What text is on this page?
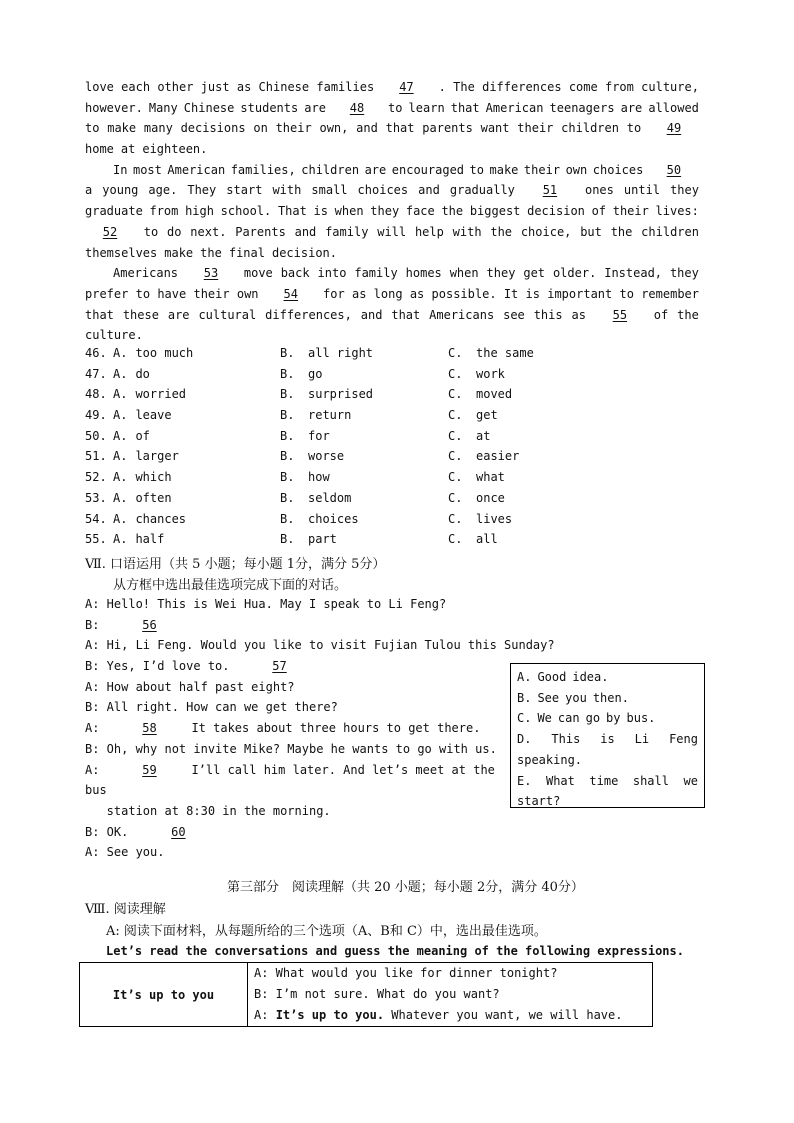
love each other just as Chinese families	47	. The differences come from culture,
however. Many Chinese students are	48	to learn that American teenagers are allowed
to make many decisions on their own, and that parents want their children to	49
home at eighteen.
In most American families, children are encouraged to make their own choices	50
a young age. They start with small choices and gradually	51	ones until they
graduate from high school. That is when they face the biggest decision of their lives:
52	to do next. Parents and family will help with the choice, but the children
themselves make the final decision.
Americans	53	move back into family homes when they get older. Instead, they
prefer to have their own	54	for as long as possible. It is important to remember
that these are cultural differences, and that Americans see this as	55	of the
culture.
46. A. too much	B. all right	C. the same
47. A. do	B. go	C. work
48. A. worried	B. surprised	C. moved
49. A. leave	B. return	C. get
50. A. of	B. for	C. at
51. A. larger	B. worse	C. easier
52. A. which	B. how	C. what
53. A. often	B. seldom	C. once
54. A. chances	B. choices	C. lives
55. A. half	B. part	C. all
Ⅶ. 口语运用（共 5 小题；每小题 1分，满分 5分）
从方框中选出最佳选项完成下面的对话。
A: Hello! This is Wei Hua. May I speak to Li Feng?
B:	56
A: Hi, Li Feng. Would you like to visit Fujian Tulou this Sunday?
B: Yes, I’d love to.	57
A: How about half past eight?
B: All right. How can we get there?
A:	58	It takes about three hours to get there.
B: Oh, why not invite Mike? Maybe he wants to go with us.
A:	59	I’ll call him later. And let’s meet at the
bus
station at 8:30 in the morning.
B: OK.	60
A: See you.
A. Good idea.
B. See you then.
C. We can go by bus.
D. This is Li Feng
speaking.
E. What time shall we
start?
第三部分　阅读理解（共 20 小题；每小题 2分，满分 40分）
Ⅷ. 阅读理解
A: 阅读下面材料，从每题所给的三个选项（A、B和 C）中，选出最佳选项。
Let’s read the conversations and guess the meaning of the following expressions.
It’s up to you	
A: What would you like for dinner tonight?
B: I’m not sure. What do you want?
A: It’s up to you. Whatever you want, we will have.
